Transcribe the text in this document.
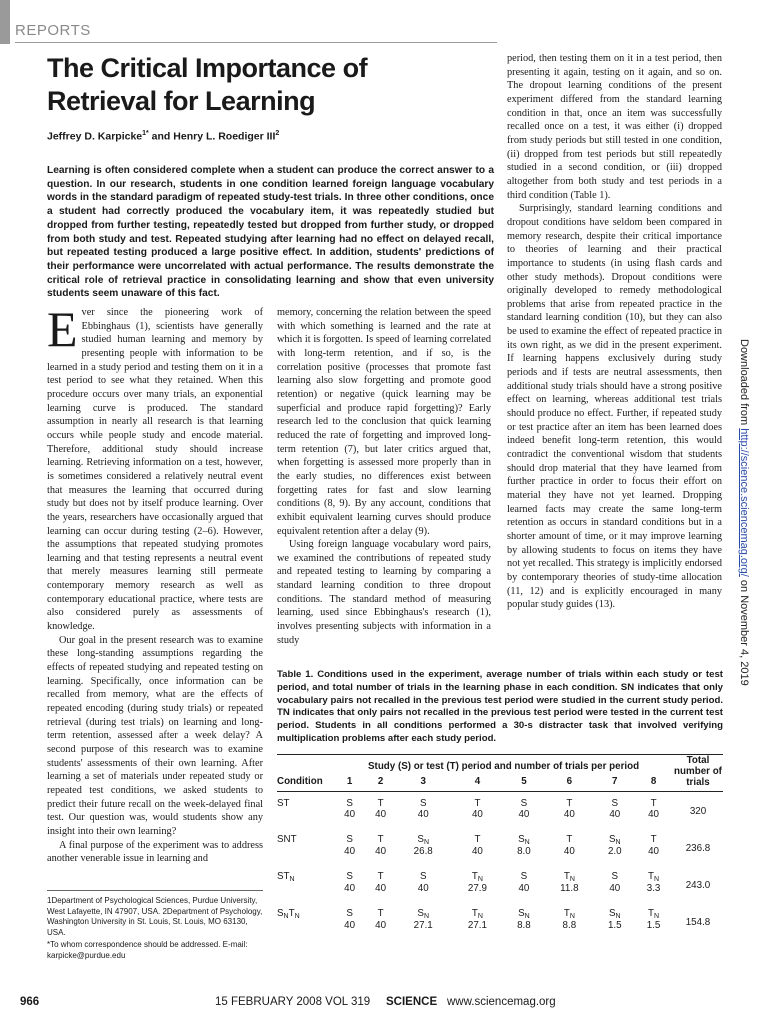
REPORTS
The Critical Importance of Retrieval for Learning
Jeffrey D. Karpicke$^{1*}$ and Henry L. Roediger III$^2$

Learning is often considered complete when a student can produce the correct answer to a question. In our research, students in one condition learned foreign language vocabulary words in the standard paradigm of repeated study-test trials. In three other conditions, once a student had correctly produced the vocabulary item, it was repeatedly studied but dropped from further testing, repeatedly tested but dropped from further study, or dropped from both study and test. Repeated studying after learning had no effect on delayed recall, but repeated testing produced a large positive effect. In addition, students' predictions of their performance were uncorrelated with actual performance. The results demonstrate the critical role of retrieval practice in consolidating learning and show that even university students seem unaware of this fact.

Ever since the pioneering work of Ebbinghaus (1), scientists have generally studied human learning and memory by presenting people with information to be learned in a study period and testing them on it in a test period to see what they retained. When this procedure occurs over many trials, an exponential learning curve is produced. The standard assumption in nearly all research is that learning occurs while people study and encode material. Therefore, additional study should increase learning. Retrieving information on a test, however, is sometimes considered a relatively neutral event that measures the learning that occurred during study but does not by itself produce learning. Over the years, researchers have occasionally argued that learning can occur during testing (2–6). However, the assumptions that repeated studying promotes learning and that testing represents a neutral event that merely measures learning still permeate contemporary memory research as well as contemporary educational practice, where tests are also considered purely as assessments of knowledge.

Our goal in the present research was to examine these long-standing assumptions regarding the effects of repeated studying and repeated testing on learning. Specifically, once information can be recalled from memory, what are the effects of repeated encoding (during study trials) or repeated retrieval (during test trials) on learning and long-term retention, assessed after a week delay? A second purpose of this research was to examine students' assessments of their own learning. After learning a set of materials under repeated study or repeated test conditions, we asked students to predict their future recall on the week-delayed final test. Our question was, would students show any insight into their own learning?

A final purpose of the experiment was to address another venerable issue in learning and

1Department of Psychological Sciences, Purdue University, West Lafayette, IN 47907, USA. 2Department of Psychology, Washington University in St. Louis, St. Louis, MO 63130, USA.

*To whom correspondence should be addressed. E-mail: karpicke@purdue.edu

memory, concerning the relation between the speed with which something is learned and the rate at which it is forgotten. Is speed of learning correlated with long-term retention, and if so, is the correlation positive (processes that promote fast learning also slow forgetting and promote good retention) or negative (quick learning may be superficial and produce rapid forgetting)? Early research led to the conclusion that quick learning reduced the rate of forgetting and improved long-term retention (7), but later critics argued that, when forgetting is assessed more properly than in the early studies, no differences exist between forgetting rates for fast and slow learning conditions (8, 9). By any account, conditions that exhibit equivalent learning curves should produce equivalent retention after a delay (9).

Using foreign language vocabulary word pairs, we examined the contributions of repeated study and repeated testing to learning by comparing a standard learning condition to three dropout conditions. The standard method of measuring learning, used since Ebbinghaus's research (1), involves presenting subjects with information in a study

period, then testing them on it in a test period, then presenting it again, testing on it again, and so on. The dropout learning conditions of the present experiment differed from the standard learning condition in that, once an item was successfully recalled once on a test, it was either (i) dropped from study periods but still tested in one condition, (ii) dropped from test periods but still repeatedly studied in a second condition, or (iii) dropped altogether from both study and test periods in a third condition (Table 1).

Surprisingly, standard learning conditions and dropout conditions have seldom been compared in memory research, despite their critical importance to theories of learning and their practical importance to students (in using flash cards and other study methods). Dropout conditions were originally developed to remedy methodological problems that arise from repeated practice in the standard learning condition (10), but they can also be used to examine the effect of repeated practice in its own right, as we did in the present experiment. If learning happens exclusively during study periods and if tests are neutral assessments, then additional study trials should have a strong positive effect on learning, whereas additional test trials should produce no effect. Further, if repeated study or test practice after an item has been learned does indeed benefit long-term retention, this would contradict the conventional wisdom that students should drop material that they have learned from further practice in order to focus their effort on material they have not yet learned. Dropping learned facts may create the same long-term retention as occurs in standard conditions but in a shorter amount of time, or it may improve learning by allowing students to focus on items they have not yet recalled. This strategy is implicitly endorsed by contemporary theories of study-time allocation (11, 12) and is explicitly encouraged in many popular study guides (13).

Table 1. Conditions used in the experiment, average number of trials within each study or test period, and total number of trials in the learning phase in each condition. SN indicates that only vocabulary pairs not recalled in the previous test period were studied in the current study period. TN indicates that only pairs not recalled in the previous test period were tested in the current test period. Students in all conditions performed a 30-s distracter task that involved verifying multiplication problems after each study period.

Condition	Study (S) or test (T) period and number of trials per period								Total number of trials
	1	2	3	4	5	6	7	8	
ST	S	T	S	T	S	T	S	T	320
	40	40	40	40	40	40	40	40	
SNT	S	T	$S_N$	T	$S_N$	T	$S_N$	T	236.8
	40	40	26.8	40	8.0	40	2.0	40	
$ST_N$	S	T	S	$T_N$	S	$T_N$	S	$T_N$	243.0
	40	40	40	27.9	40	11.8	40	3.3	
$S_NT_N$	S	T	$S_N$	$T_N$	$S_N$	$T_N$	$S_N$	$T_N$	154.8
	40	40	27.1	27.1	8.8	8.8	1.5	1.5	
Downloaded from http://science.sciencemag.org/ on November 4, 2019
966	15 FEBRUARY 2008 VOL 319 SCIENCE www.sciencemag.org
